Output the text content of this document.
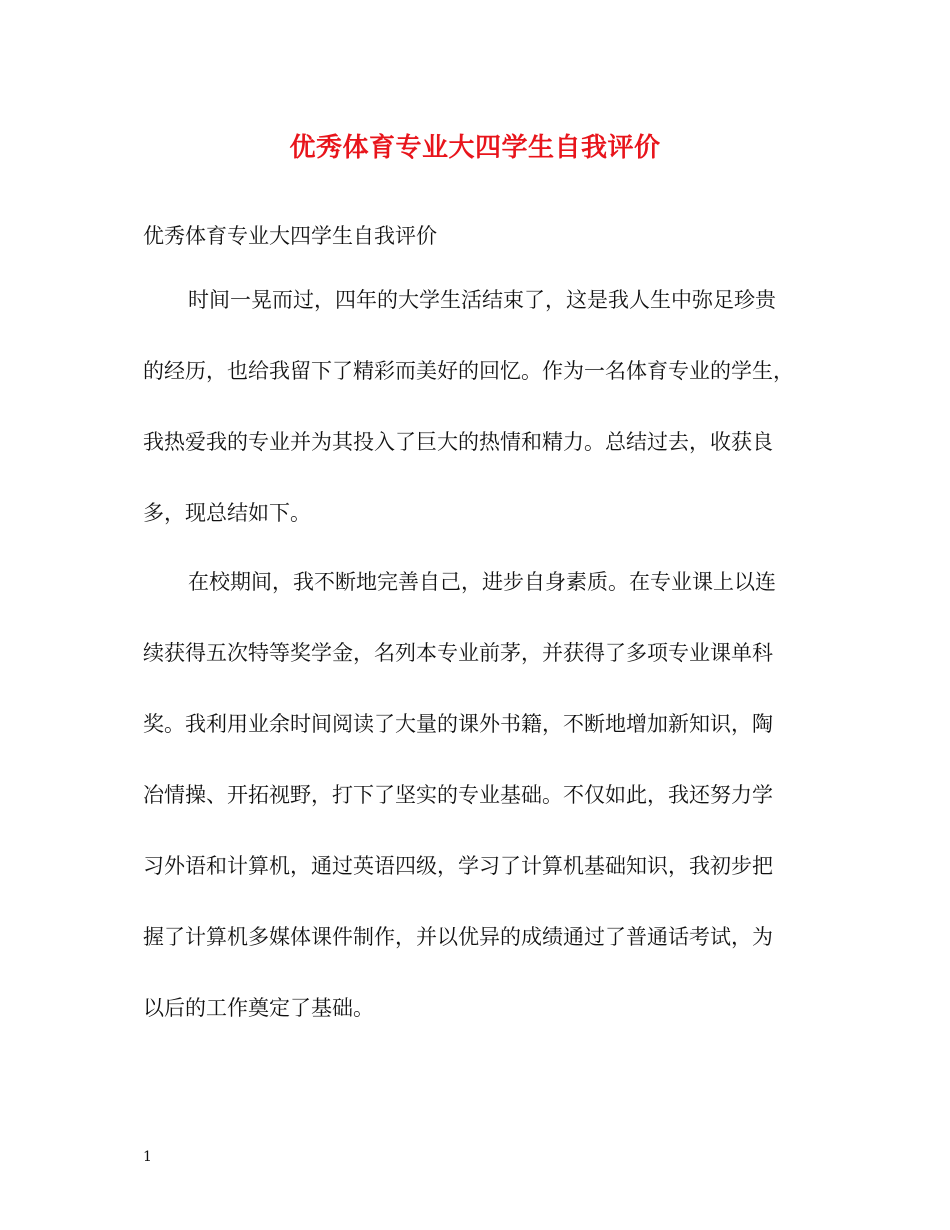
优秀体育专业大四学生自我评价
优秀体育专业大四学生自我评价
时间一晃而过，四年的大学生活结束了，这是我人生中弥足珍贵
的经历，也给我留下了精彩而美好的回忆。作为一名体育专业的学生，
我热爱我的专业并为其投入了巨大的热情和精力。总结过去，收获良
多，现总结如下。
在校期间，我不断地完善自己，进步自身素质。在专业课上以连
续获得五次特等奖学金，名列本专业前茅，并获得了多项专业课单科
奖。我利用业余时间阅读了大量的课外书籍，不断地增加新知识，陶
冶情操、开拓视野，打下了坚实的专业基础。不仅如此，我还努力学
习外语和计算机，通过英语四级，学习了计算机基础知识，我初步把
握了计算机多媒体课件制作，并以优异的成绩通过了普通话考试，为
以后的工作奠定了基础。
1
